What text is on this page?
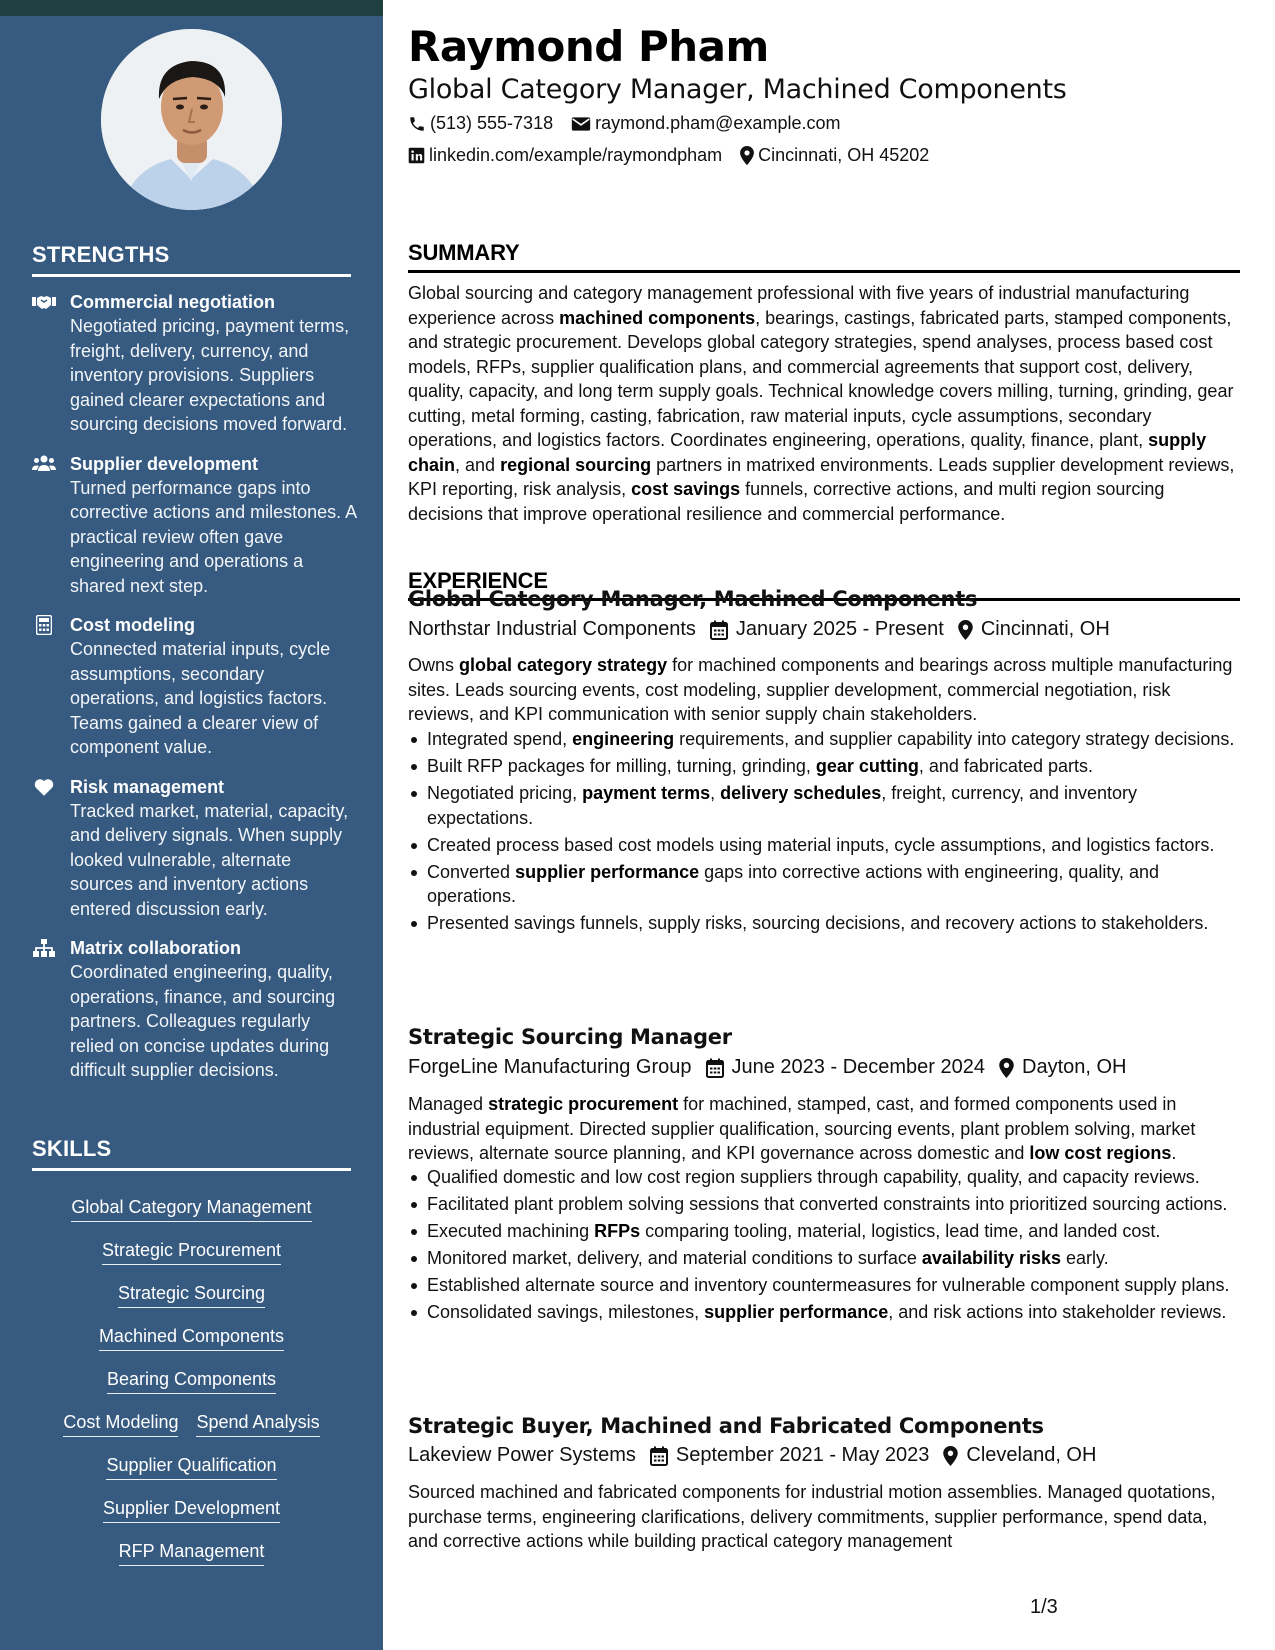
STRENGTHS
Commercial negotiation
Negotiated pricing, payment terms, freight, delivery, currency, and inventory provisions. Suppliers gained clearer expectations and sourcing decisions moved forward.
Supplier development
Turned performance gaps into corrective actions and milestones. A practical review often gave engineering and operations a shared next step.
Cost modeling
Connected material inputs, cycle assumptions, secondary operations, and logistics factors. Teams gained a clearer view of component value.
Risk management
Tracked market, material, capacity, and delivery signals. When supply looked vulnerable, alternate sources and inventory actions entered discussion early.
Matrix collaboration
Coordinated engineering, quality, operations, finance, and sourcing partners. Colleagues regularly relied on concise updates during difficult supplier decisions.
SKILLS
Global Category Management
Strategic Procurement
Strategic Sourcing
Machined Components
Bearing Components
Cost Modeling Spend Analysis
Supplier Qualification
Supplier Development
RFP Management
Raymond Pham
Global Category Manager, Machined Components
(513) 555-7318 raymond.pham@example.com
linkedin.com/example/raymondpham Cincinnati, OH 45202
SUMMARY

Global sourcing and category management professional with five years of industrial manufacturing experience across machined components, bearings, castings, fabricated parts, stamped components, and strategic procurement. Develops global category strategies, spend analyses, process based cost models, RFPs, supplier qualification plans, and commercial agreements that support cost, delivery, quality, capacity, and long term supply goals. Technical knowledge covers milling, turning, grinding, gear cutting, metal forming, casting, fabrication, raw material inputs, cycle assumptions, secondary operations, and logistics factors. Coordinates engineering, operations, quality, finance, plant, supply chain, and regional sourcing partners in matrixed environments. Leads supplier development reviews, KPI reporting, risk analysis, cost savings funnels, corrective actions, and multi region sourcing decisions that improve operational resilience and commercial performance.

EXPERIENCE
Global Category Manager, Machined Components
Northstar Industrial Components January 2025 - Present Cincinnati, OH

Owns global category strategy for machined components and bearings across multiple manufacturing sites. Leads sourcing events, cost modeling, supplier development, commercial negotiation, risk reviews, and KPI communication with senior supply chain stakeholders.

Integrated spend, engineering requirements, and supplier capability into category strategy decisions.
Built RFP packages for milling, turning, grinding, gear cutting, and fabricated parts.
Negotiated pricing, payment terms, delivery schedules, freight, currency, and inventory expectations.
Created process based cost models using material inputs, cycle assumptions, and logistics factors.
Converted supplier performance gaps into corrective actions with engineering, quality, and operations.
Presented savings funnels, supply risks, sourcing decisions, and recovery actions to stakeholders.
Strategic Sourcing Manager
ForgeLine Manufacturing Group June 2023 - December 2024 Dayton, OH

Managed strategic procurement for machined, stamped, cast, and formed components used in industrial equipment. Directed supplier qualification, sourcing events, plant problem solving, market reviews, alternate source planning, and KPI governance across domestic and low cost regions.

Qualified domestic and low cost region suppliers through capability, quality, and capacity reviews.
Facilitated plant problem solving sessions that converted constraints into prioritized sourcing actions.
Executed machining RFPs comparing tooling, material, logistics, lead time, and landed cost.
Monitored market, delivery, and material conditions to surface availability risks early.
Established alternate source and inventory countermeasures for vulnerable component supply plans.
Consolidated savings, milestones, supplier performance, and risk actions into stakeholder reviews.
Strategic Buyer, Machined and Fabricated Components
Lakeview Power Systems September 2021 - May 2023 Cleveland, OH

Sourced machined and fabricated components for industrial motion assemblies. Managed quotations, purchase terms, engineering clarifications, delivery commitments, supplier performance, spend data, and corrective actions while building practical category management

1/3
